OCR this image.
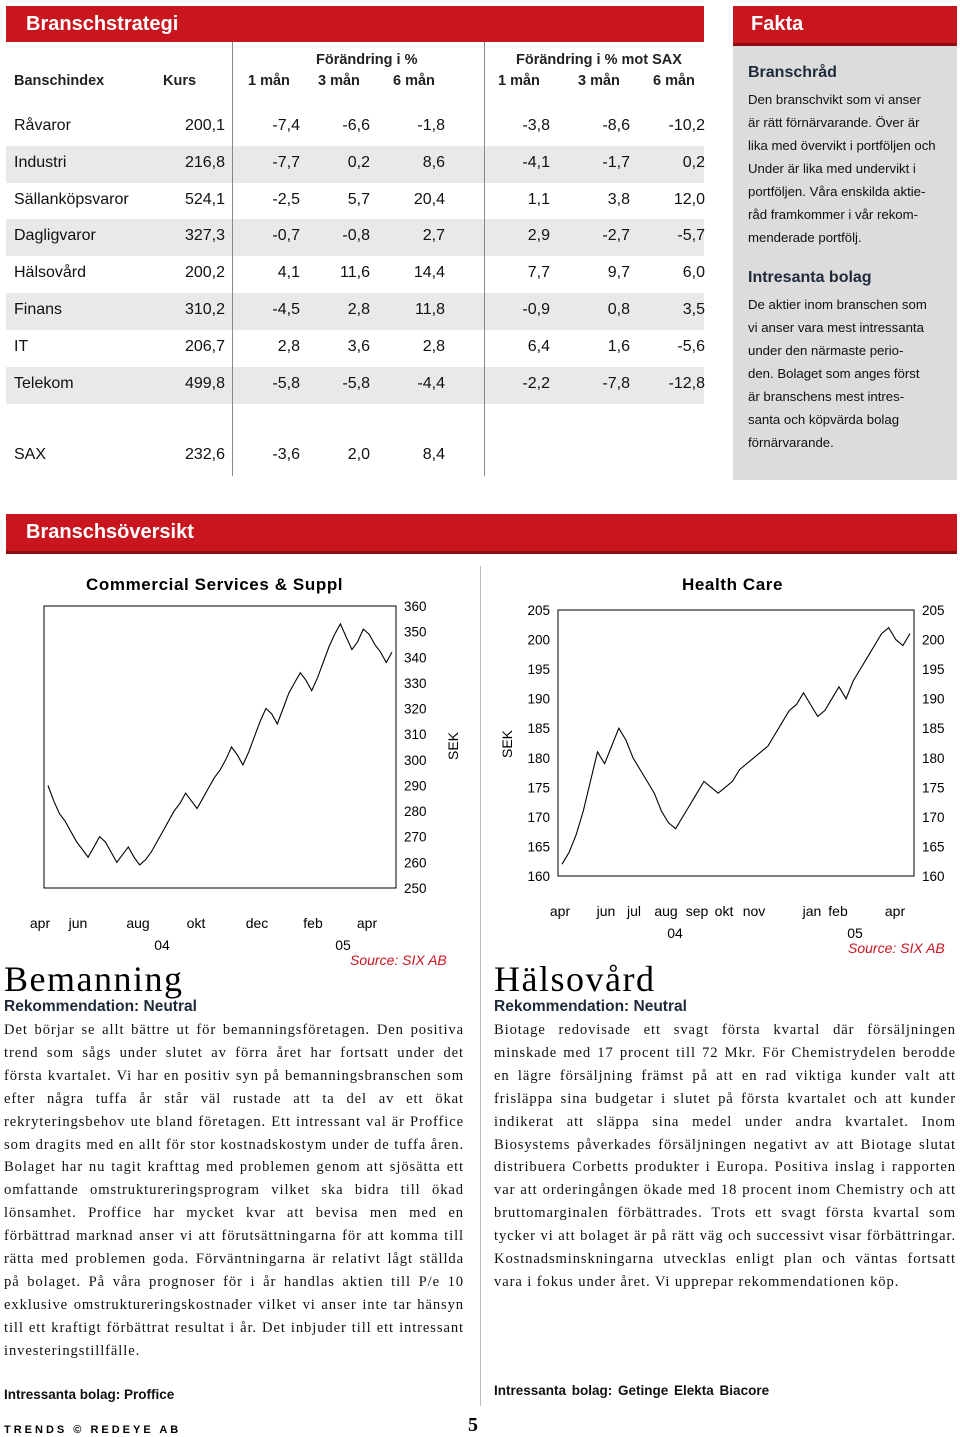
Branschstrategi
Förändring i %	Förändring i % mot SAX
Banschindex	Kurs	1 mån 3 mån 6 mån	1 mån	3 mån 6 mån
Råvaror	200,1	-7,4	-6,6	-1,8	-3,8	-8,6	-10,2
Industri	216,8	-7,7	0,2	8,6	-4,1	-1,7	0,2
Sällanköpsvaror	524,1	-2,5	5,7	20,4	1,1	3,8	12,0
Dagligvaror	327,3	-0,7	-0,8	2,7	2,9	-2,7	-5,7
Hälsovård	200,2	4,1	11,6	14,4	7,7	9,7	6,0
Finans	310,2	-4,5	2,8	11,8	-0,9	0,8	3,5
IT	206,7	2,8	3,6	2,8	6,4	1,6	-5,6
Telekom	499,8	-5,8	-5,8	-4,4	-2,2	-7,8	-12,8
SAX	232,6	-3,6	2,0	8,4
Fakta
Branschråd

Den branschvikt som vi anser
är rätt förnärvarande. Över är
lika med övervikt i portföljen och
Under är lika med undervikt i
portföljen. Våra enskilda aktie-
råd framkommer i vår rekom-
menderade portfölj.

Intresanta bolag

De aktier inom branschen som
vi anser vara mest intressanta
under den närmaste perio-
den. Bolaget som anges först
är branschens mest intres-
santa och köpvärda bolag
förnärvarande.

Branschsöversikt
Commercial Services & Suppl
360
350
340
330
320
310
300
290
280
270
260
250
apr jun	aug	okt	dec feb apr
04	05
Source: SIX AB
SEK
Health Care
205	205
200	200
195	195
190	190
185	185
180	180
175	175
170	170
165	165
160	160
apr jun jul aug sep okt nov	jan feb	apr
04	05
Source: SIX AB
SEK
Bemanning
Rekommendation: Neutral
Det börjar se allt bättre ut för bemanningsföretagen. Den positiva trend som sågs under slutet av förra året har fortsatt under det första kvartalet. Vi har en positiv syn på bemanningsbranschen som efter några tuffa år står väl rustade att ta del av ett ökat rekryteringsbehov ute bland företagen. Ett intressant val är Proffice som dragits med en allt för stor kostnadskostym under de tuffa åren. Bolaget har nu tagit krafttag med problemen genom att sjösätta ett omfattande omstruktureringsprogram vilket ska bidra till ökad lönsamhet. Proffice har mycket kvar att bevisa men med en förbättrad marknad anser vi att förutsättningarna för att komma till rätta med problemen goda. Förväntningarna är relativt lågt ställda på bolaget. På våra prognoser för i år handlas aktien till P/e 10 exklusive omstruktureringskostnader vilket vi anser inte tar hänsyn till ett kraftigt förbättrat resultat i år. Det inbjuder till ett intressant investeringstillfälle.
Intressanta bolag: Proffice
Hälsovård
Rekommendation: Neutral
Biotage redovisade ett svagt första kvartal där försäljningen minskade med 17 procent till 72 Mkr. För Chemistrydelen berodde en lägre försäljning främst på att en rad viktiga kunder valt att frisläppa sina budgetar i slutet på första kvartalet och att kunder indikerat att släppa sina medel under andra kvartalet. Inom Biosystems påverkades försäljningen negativt av att Biotage slutat distribuera Corbetts produkter i Europa. Positiva inslag i rapporten var att orderingången ökade med 18 procent inom Chemistry och att bruttomarginalen förbättrades. Trots ett svagt första kvartal som tycker vi att bolaget är på rätt väg och successivt visar förbättringar. Kostnadsminskningarna utvecklas enligt plan och väntas fortsatt vara i fokus under året. Vi upprepar rekommendationen köp.
Intressanta bolag: Getinge Elekta Biacore
TRENDS © REDEYE AB	5
